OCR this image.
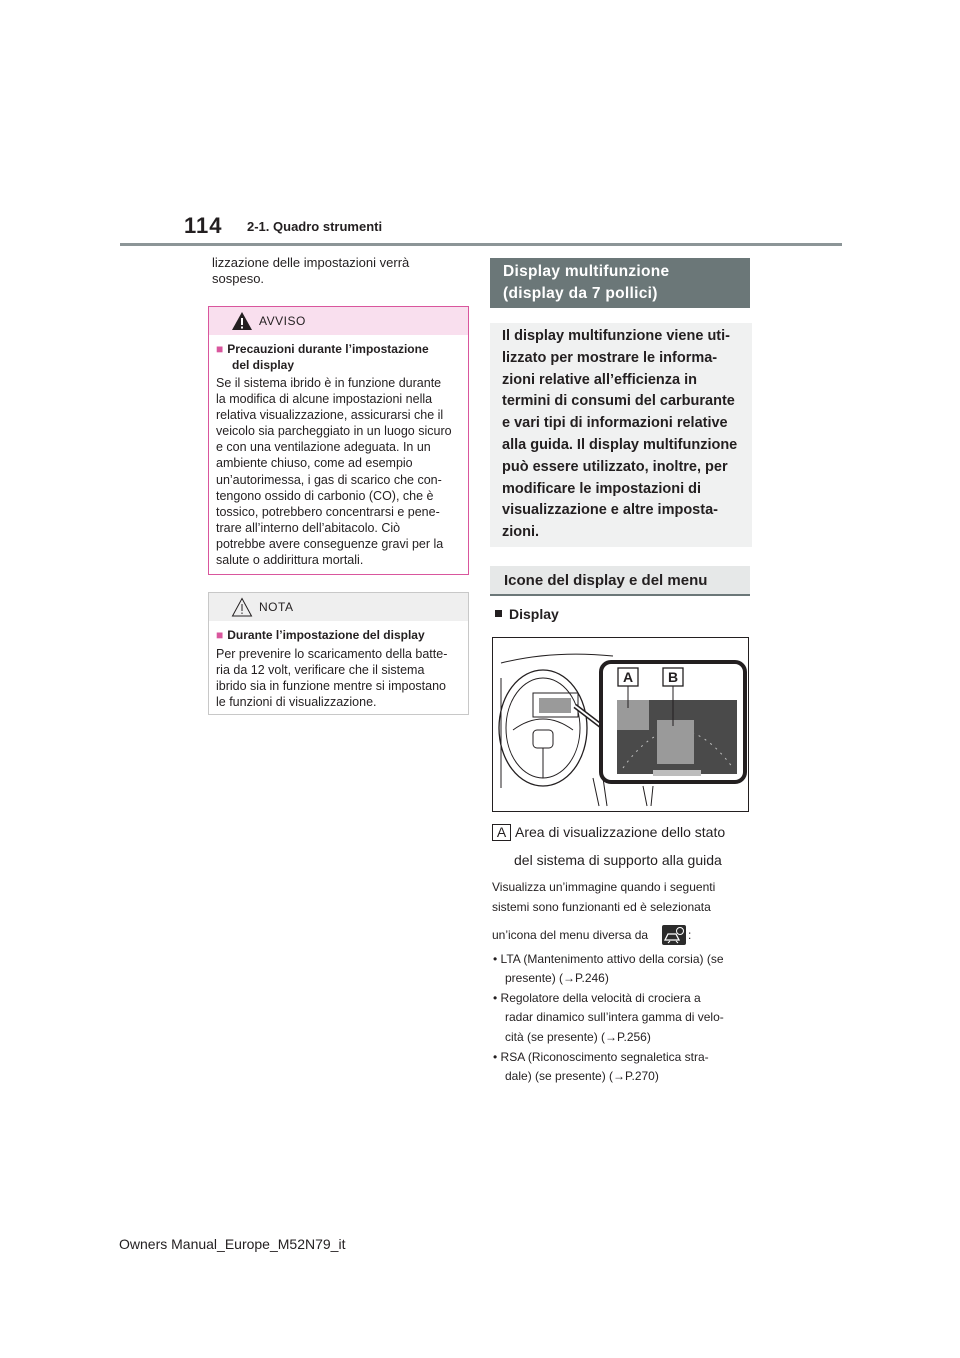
114 2-1. Quadro strumenti
lizzazione delle impostazioni verrà
sospeso.
AVVISO
■ Precauzioni durante l’impostazione
del display
Se il sistema ibrido è in funzione durante
la modifica di alcune impostazioni nella
relativa visualizzazione, assicurarsi che il
veicolo sia parcheggiato in un luogo sicuro
e con una ventilazione adeguata. In un
ambiente chiuso, come ad esempio
un’autorimessa, i gas di scarico che con-
tengono ossido di carbonio (CO), che è
tossico, potrebbero concentrarsi e pene-
trare all’interno dell’abitacolo. Ciò
potrebbe avere conseguenze gravi per la
salute o addirittura mortali.
NOTA
■ Durante l’impostazione del display
Per prevenire lo scaricamento della batte-
ria da 12 volt, verificare che il sistema
ibrido sia in funzione mentre si impostano
le funzioni di visualizzazione.
Display multifunzione
(display da 7 pollici)
Il display multifunzione viene uti-
lizzato per mostrare le informa-
zioni relative all’efficienza in
termini di consumi del carburante
e vari tipi di informazioni relative
alla guida. Il display multifunzione
può essere utilizzato, inoltre, per
modificare le impostazioni di
visualizzazione e altre imposta-
zioni.
Icone del display e del menu
Display
A B
A Area di visualizzazione dello stato
del sistema di supporto alla guida
Visualizza un’immagine quando i seguenti
sistemi sono funzionanti ed è selezionata
un’icona del menu diversa da	:
• LTA (Mantenimento attivo della corsia) (se
presente) (→P.246)
• Regolatore della velocità di crociera a
radar dinamico sull’intera gamma di velo-
cità (se presente) (→P.256)
• RSA (Riconoscimento segnaletica stra-
dale) (se presente) (→P.270)
Owners Manual_Europe_M52N79_it
